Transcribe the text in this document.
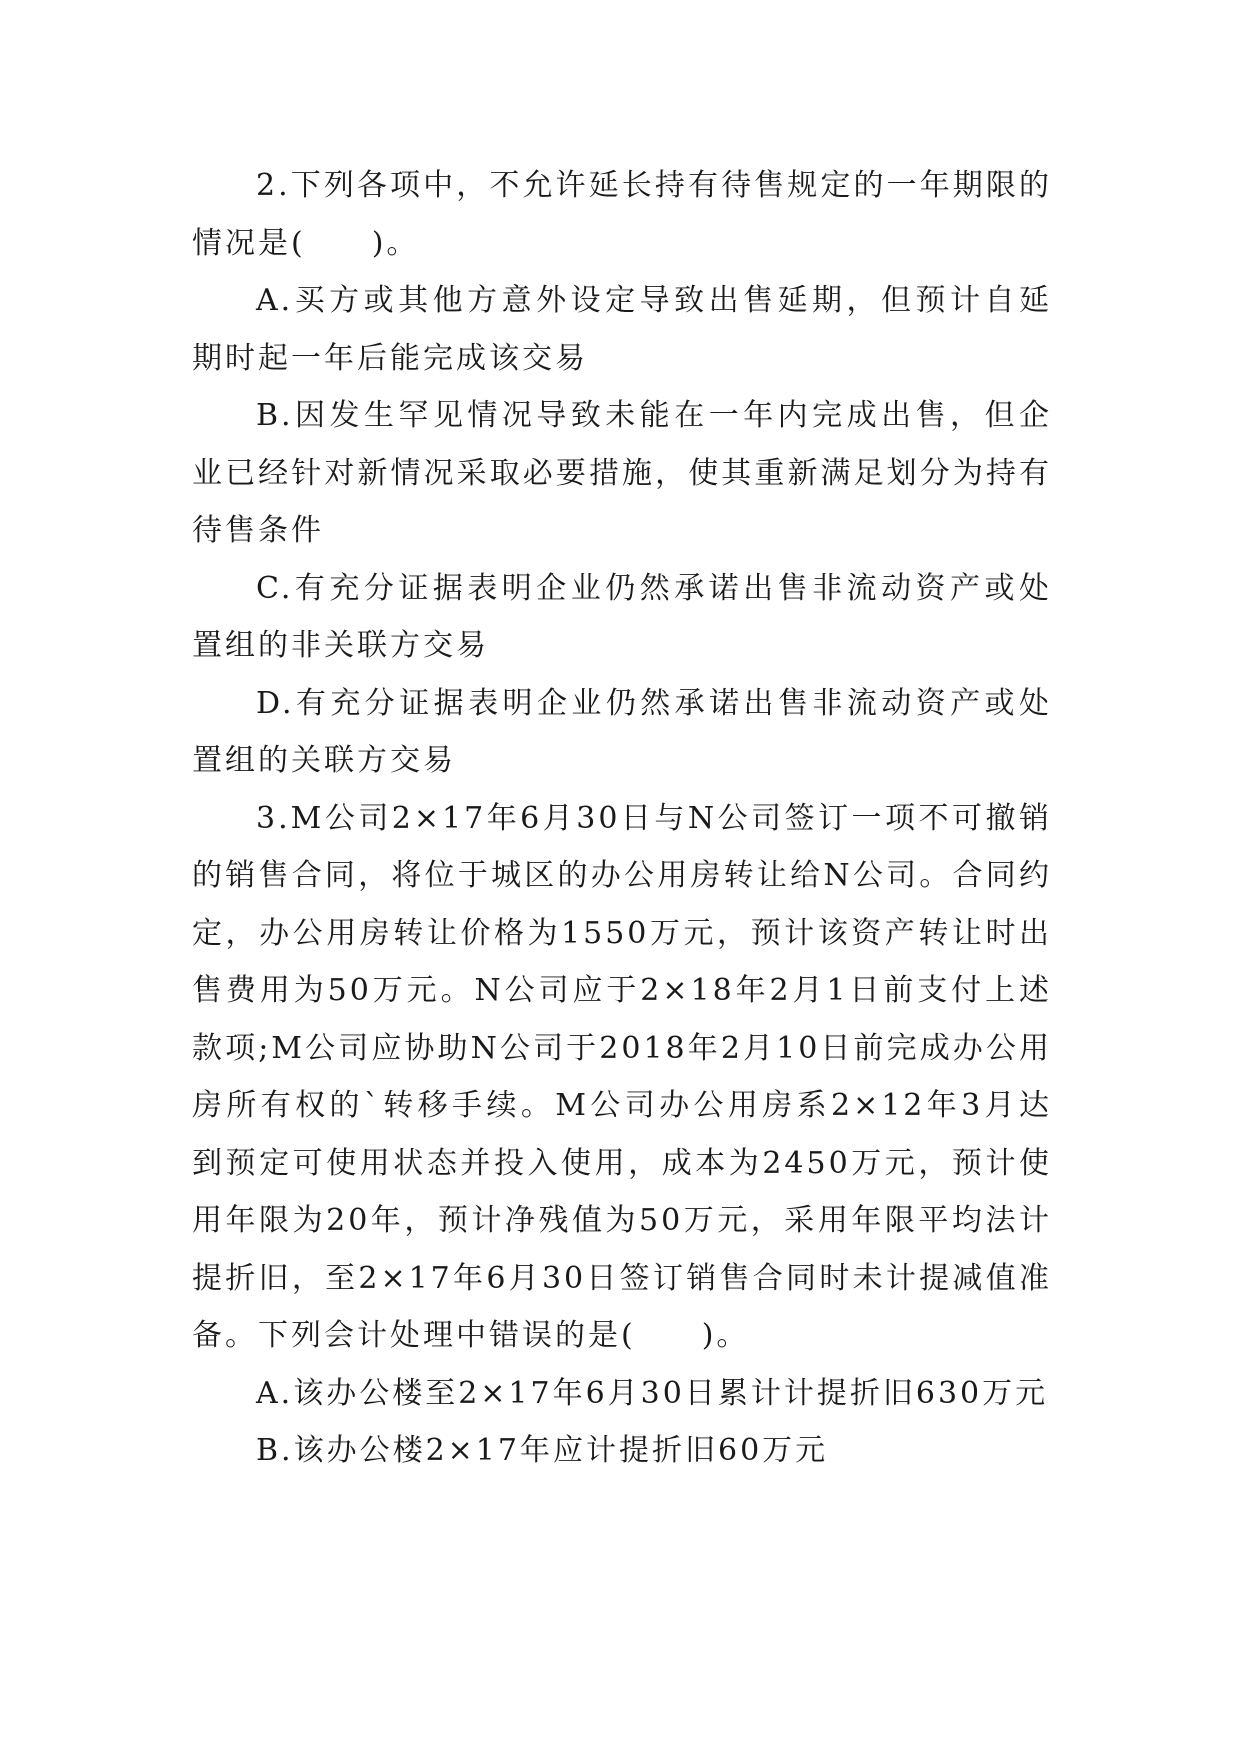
2.下列各项中，不允许延长持有待售规定的一年期限的情况是(　　)。

A.买方或其他方意外设定导致出售延期，但预计自延期时起一年后能完成该交易

B.因发生罕见情况导致未能在一年内完成出售，但企业已经针对新情况采取必要措施，使其重新满足划分为持有待售条件

C.有充分证据表明企业仍然承诺出售非流动资产或处置组的非关联方交易

D.有充分证据表明企业仍然承诺出售非流动资产或处置组的关联方交易

3.M公司2×17年6月30日与N公司签订一项不可撤销的销售合同，将位于城区的办公用房转让给N公司。合同约定，办公用房转让价格为1550万元，预计该资产转让时出售费用为50万元。N公司应于2×18年2月1日前支付上述款项;M公司应协助N公司于2018年2月10日前完成办公用房所有权的`转移手续。M公司办公用房系2×12年3月达到预定可使用状态并投入使用，成本为2450万元，预计使用年限为20年，预计净残值为50万元，采用年限平均法计提折旧，至2×17年6月30日签订销售合同时未计提减值准备。下列会计处理中错误的是(　　)。

A.该办公楼至2×17年6月30日累计计提折旧630万元

B.该办公楼2×17年应计提折旧60万元
